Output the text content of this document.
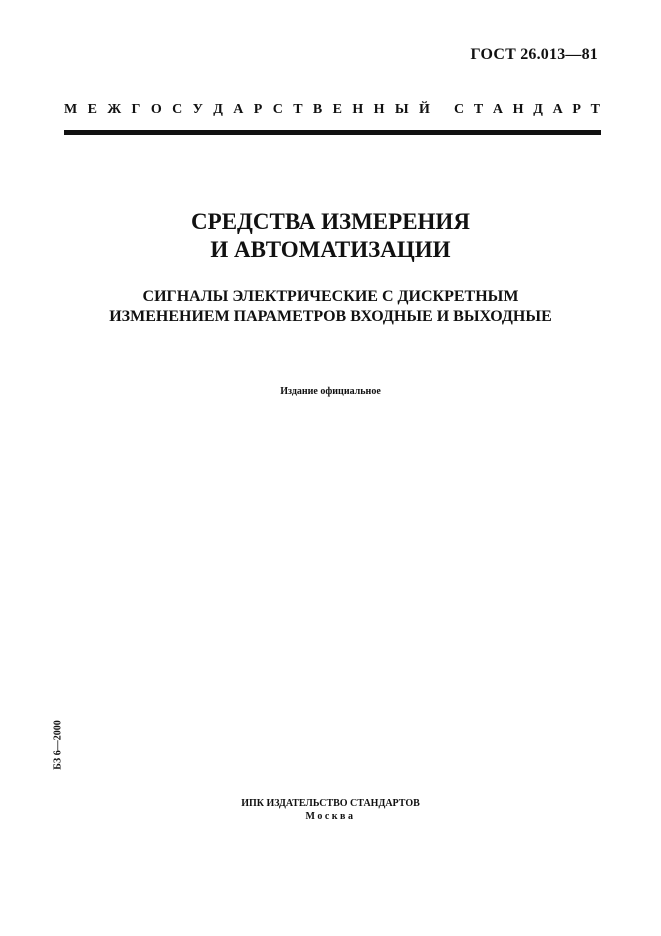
ГОСТ 26.013—81
М Е Ж Г О С У Д А Р С Т В Е Н Н Ы Й С Т А Н Д А Р Т
СРЕДСТВА ИЗМЕРЕНИЯ
И АВТОМАТИЗАЦИИ
СИГНАЛЫ ЭЛЕКТРИЧЕСКИЕ С ДИСКРЕТНЫМ
ИЗМЕНЕНИЕМ ПАРАМЕТРОВ ВХОДНЫЕ И ВЫХОДНЫЕ
Издание официальное
БЗ 6—2000
ИПК ИЗДАТЕЛЬСТВО СТАНДАРТОВ
Москва
